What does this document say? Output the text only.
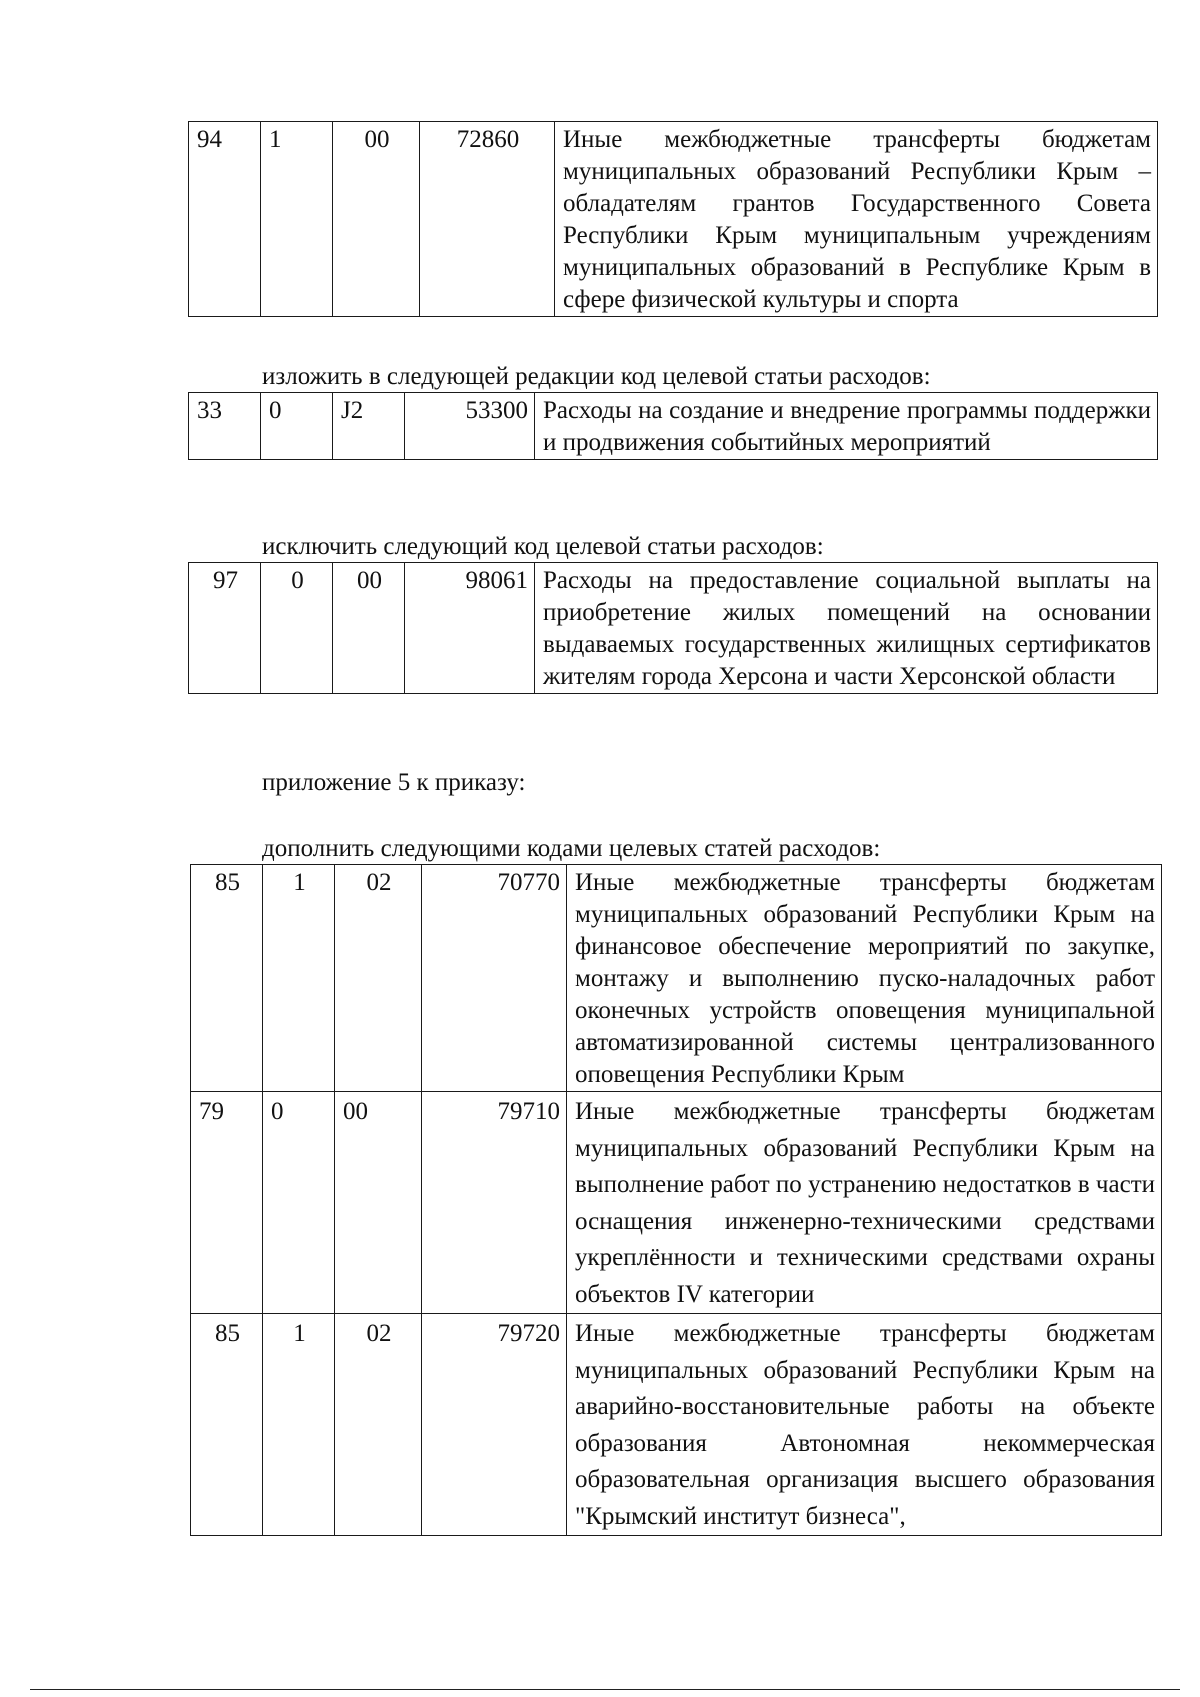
94	1	00	72860	Иные межбюджетные трансферты бюджетам муниципальных образований Республики Крым – обладателям грантов Государственного Совета Республики Крым муниципальным учреждениям муниципальных образований в Республике Крым в сфере физической культуры и спорта
изложить в следующей редакции код целевой статьи расходов:
33	0	J2	53300	Расходы на создание и внедрение программы поддержки и продвижения событийных мероприятий
исключить следующий код целевой статьи расходов:
97	0	00	98061	Расходы на предоставление социальной выплаты на приобретение жилых помещений на основании выдаваемых государственных жилищных сертификатов жителям города Херсона и части Херсонской области
приложение 5 к приказу:
дополнить следующими кодами целевых статей расходов:
85	1	02	70770	Иные межбюджетные трансферты бюджетам муниципальных образований Республики Крым на финансовое обеспечение мероприятий по закупке, монтажу и выполнению пуско-наладочных работ оконечных устройств оповещения муниципальной автоматизированной системы централизованного оповещения Республики Крым
79	0	00	79710	Иные межбюджетные трансферты бюджетам муниципальных образований Республики Крым на выполнение работ по устранению недостатков в части оснащения инженерно-техническими средствами укреплённости и техническими средствами охраны объектов IV категории
85	1	02	79720	Иные межбюджетные трансферты бюджетам муниципальных образований Республики Крым на аварийно-восстановительные работы на объекте образования Автономная некоммерческая образовательная организация высшего образования "Крымский институт бизнеса",
